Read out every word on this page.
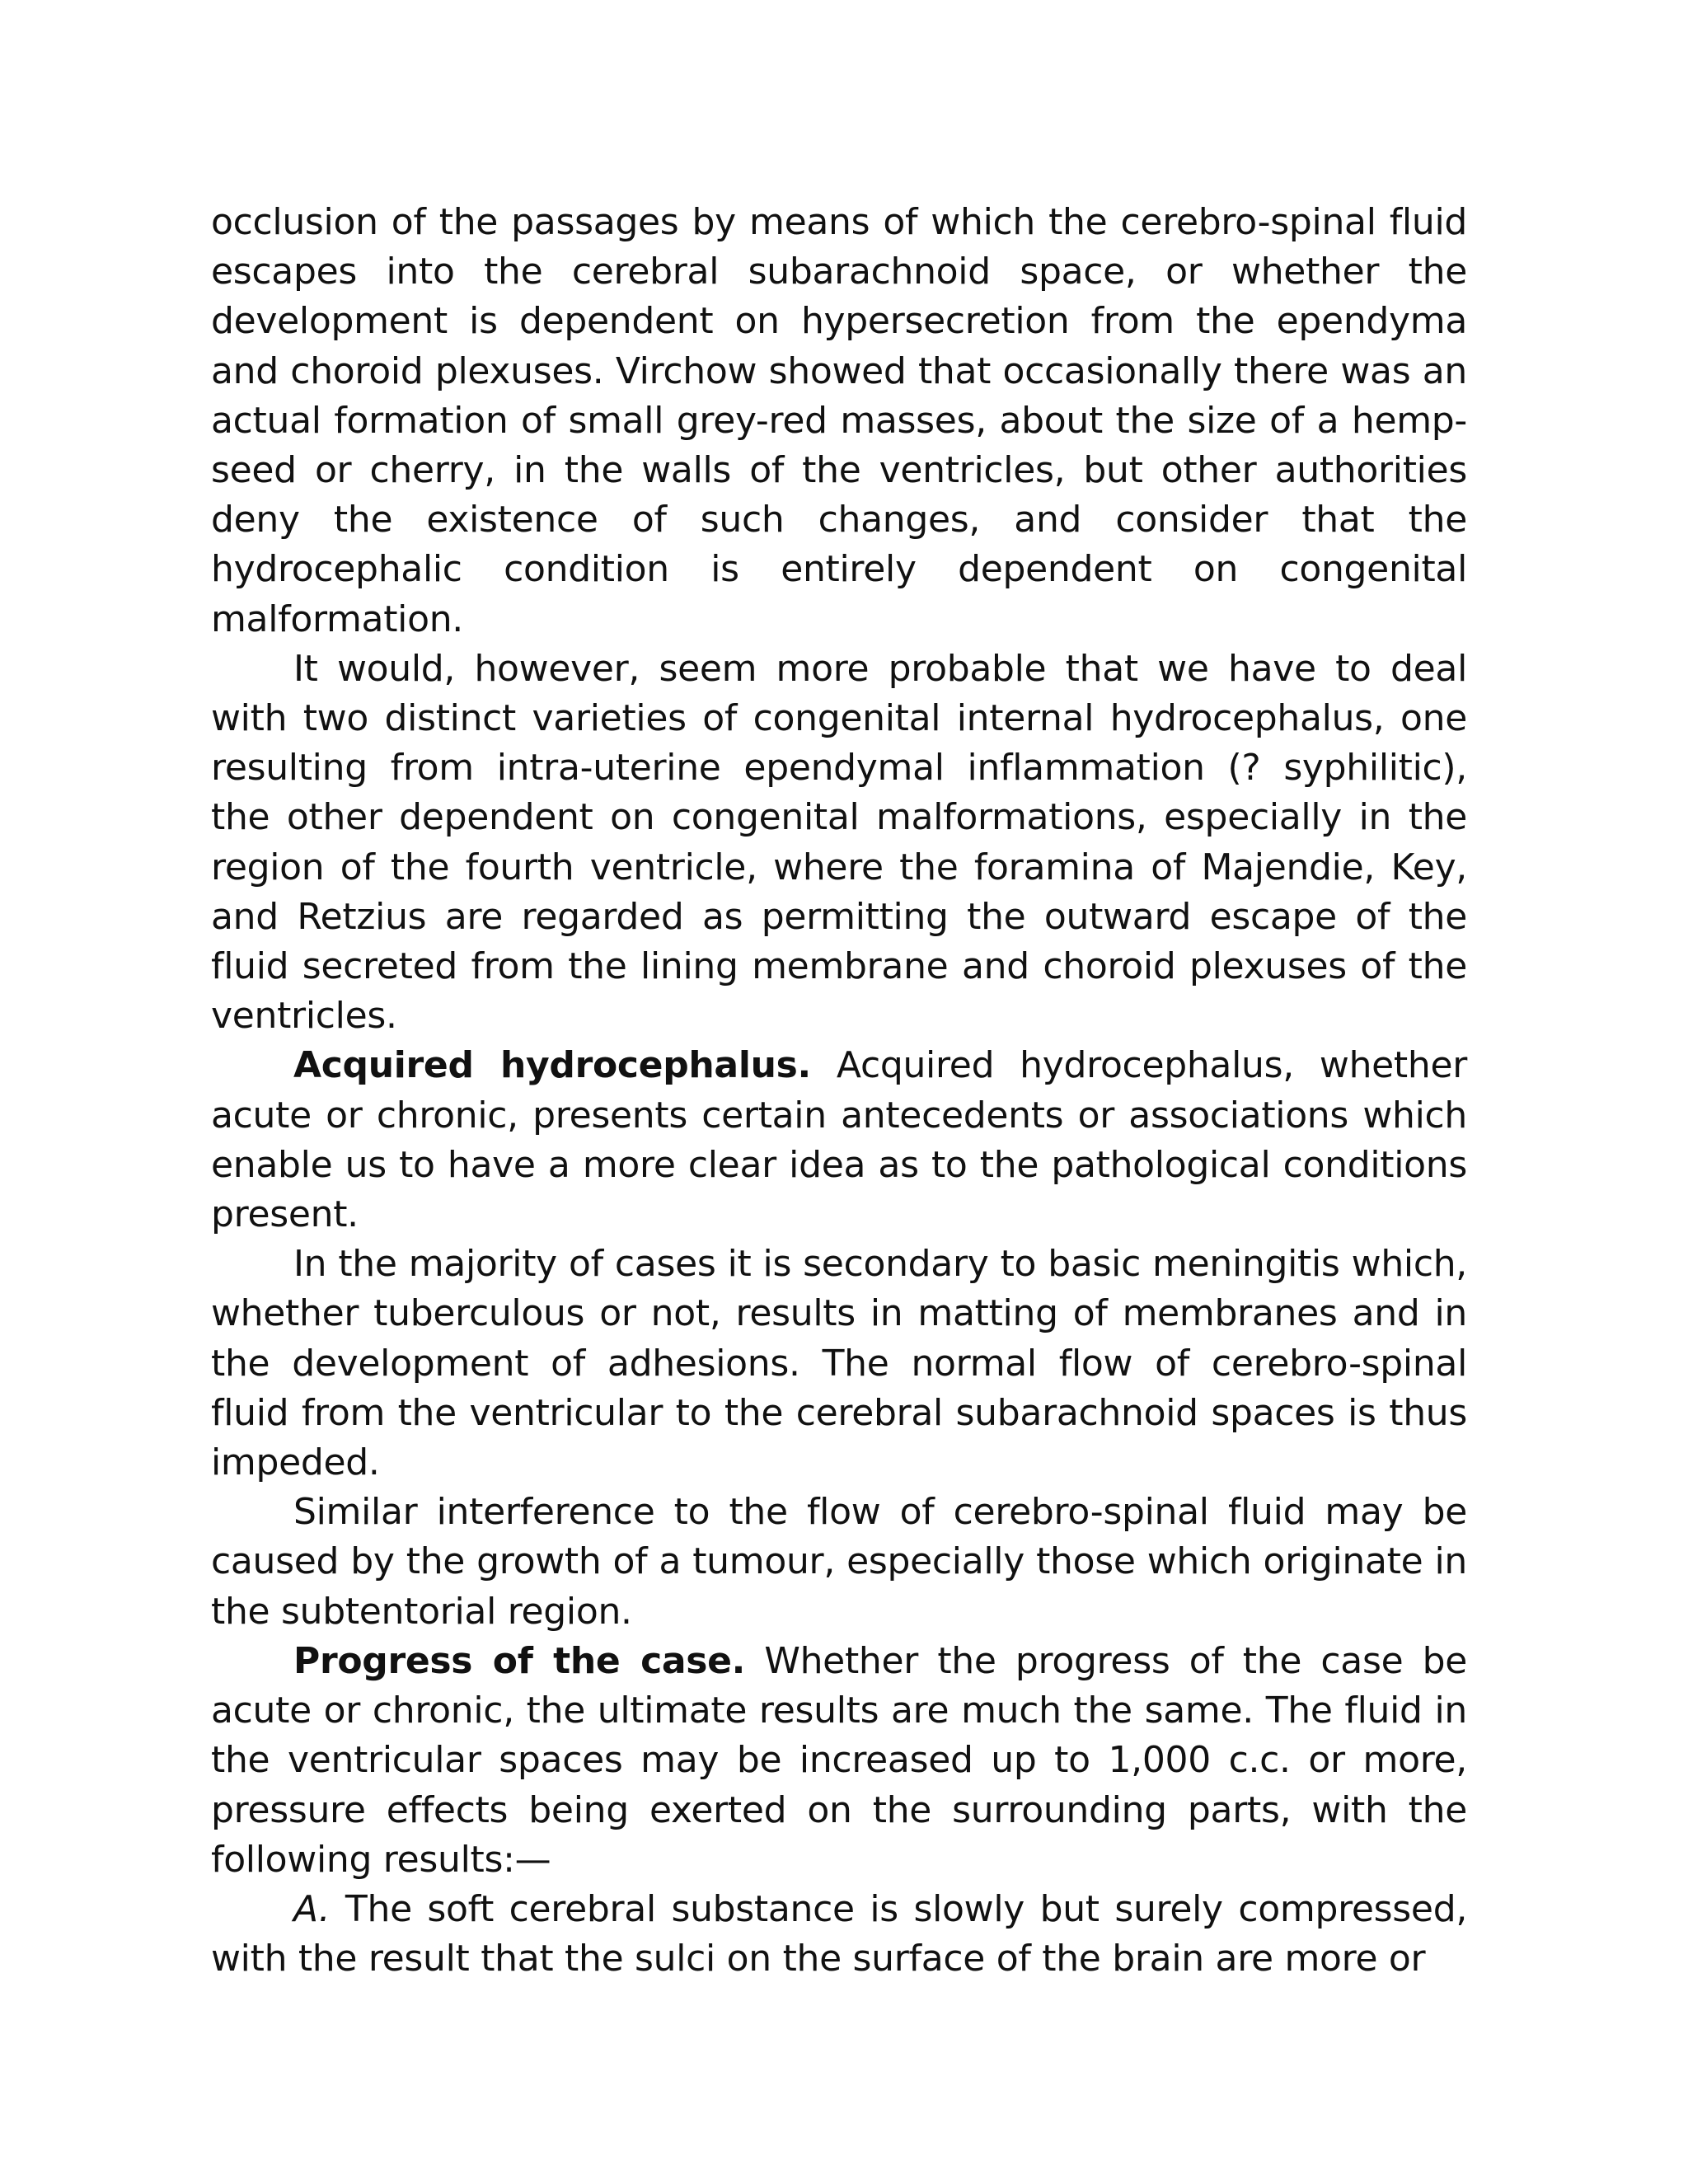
occlusion of the passages by means of which the cerebro-spinal fluid escapes into the cerebral subarachnoid space, or whether the development is dependent on hypersecretion from the ependyma and choroid plexuses. Virchow showed that occasionally there was an actual formation of small grey-red masses, about the size of a hemp-seed or cherry, in the walls of the ventricles, but other authorities deny the existence of such changes, and consider that the hydrocephalic condition is entirely dependent on congenital malformation.

It would, however, seem more probable that we have to deal with two distinct varieties of congenital internal hydrocephalus, one resulting from intra-uterine ependymal inflammation (? syphilitic), the other dependent on congenital malformations, especially in the region of the fourth ventricle, where the foramina of Majendie, Key, and Retzius are regarded as permitting the outward escape of the fluid secreted from the lining membrane and choroid plexuses of the ventricles.

Acquired hydrocephalus. Acquired hydrocephalus, whether acute or chronic, presents certain antecedents or associations which enable us to have a more clear idea as to the pathological conditions present.

In the majority of cases it is secondary to basic meningitis which, whether tuberculous or not, results in matting of membranes and in the development of adhesions. The normal flow of cerebro-spinal fluid from the ventricular to the cerebral subarachnoid spaces is thus impeded.

Similar interference to the flow of cerebro-spinal fluid may be caused by the growth of a tumour, especially those which originate in the subtentorial region.

Progress of the case. Whether the progress of the case be acute or chronic, the ultimate results are much the same. The fluid in the ventricular spaces may be increased up to 1,000 c.c. or more, pressure effects being exerted on the surrounding parts, with the following results:—

A. The soft cerebral substance is slowly but surely compressed, with the result that the sulci on the surface of the brain are more or
